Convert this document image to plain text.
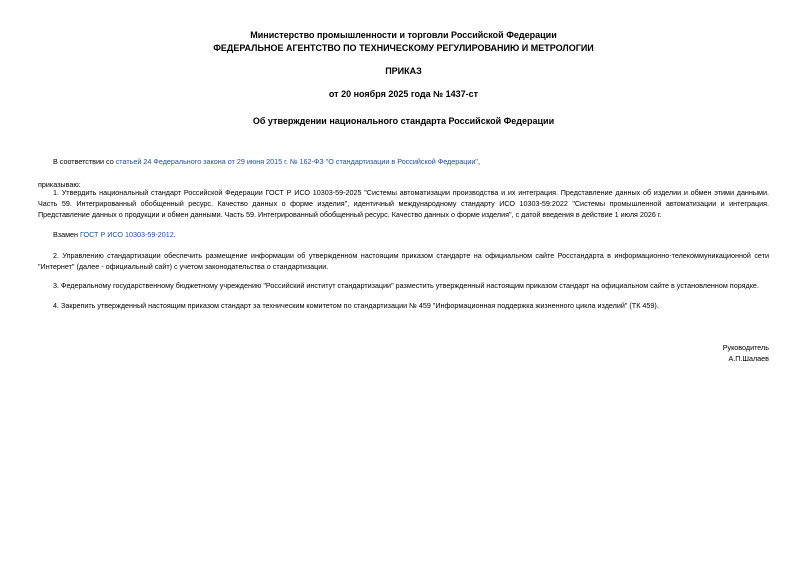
Министерство промышленности и торговли Российской Федерации
ФЕДЕРАЛЬНОЕ АГЕНТСТВО ПО ТЕХНИЧЕСКОМУ РЕГУЛИРОВАНИЮ И МЕТРОЛОГИИ
ПРИКАЗ
от 20 ноября 2025 года № 1437-ст
Об утверждении национального стандарта Российской Федерации
В соответствии со статьей 24 Федерального закона от 29 июня 2015 г. № 162-ФЗ "О стандартизации в Российской Федерации",
приказываю:
1. Утвердить национальный стандарт Российской Федерации ГОСТ Р ИСО 10303-59-2025 "Системы автоматизации производства и их интеграция. Представление данных об изделии и обмен этими данными. Часть 59. Интегрированный обобщенный ресурс. Качество данных о форме изделия", идентичный международному стандарту ИСО 10303-59:2022 "Системы промышленной автоматизации и интеграция. Представление данных о продукции и обмен данными. Часть 59. Интегрированный обобщенный ресурс. Качество данных о форме изделия", с датой введения в действие 1 июля 2026 г.
Взамен ГОСТ Р ИСО 10303-59-2012.
2. Управлению стандартизации обеспечить размещение информации об утвержденном настоящим приказом стандарте на официальном сайте Росстандарта в информационно-телекоммуникационной сети "Интернет" (далее - официальный сайт) с учетом законодательства о стандартизации.
3. Федеральному государственному бюджетному учреждению "Российский институт стандартизации" разместить утвержденный настоящим приказом стандарт на официальном сайте в установленном порядке.
4. Закрепить утвержденный настоящим приказом стандарт за техническим комитетом по стандартизации № 459 "Информационная поддержка жизненного цикла изделий" (ТК 459).
Руководитель
А.П.Шалаев
